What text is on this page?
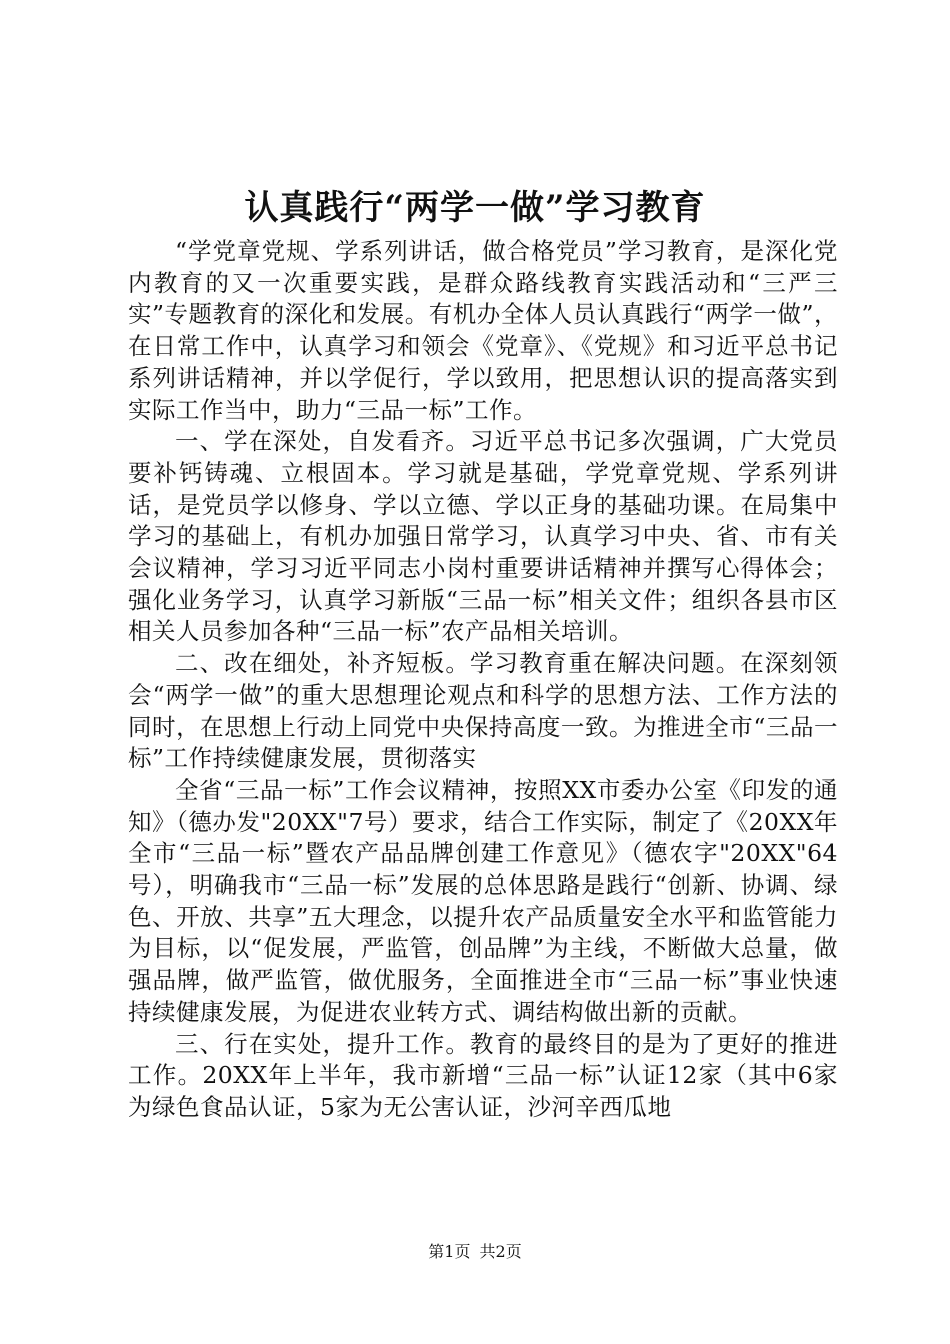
认真践行“两学一做”学习教育

“学党章党规、学系列讲话，做合格党员”学习教育，是深化党内教育的又一次重要实践，是群众路线教育实践活动和“三严三实”专题教育的深化和发展。有机办全体人员认真践行“两学一做”，在日常工作中，认真学习和领会《党章》、《党规》和习近平总书记系列讲话精神，并以学促行，学以致用，把思想认识的提高落实到实际工作当中，助力“三品一标”工作。

一、学在深处，自发看齐。习近平总书记多次强调，广大党员要补钙铸魂、立根固本。学习就是基础，学党章党规、学系列讲话，是党员学以修身、学以立德、学以正身的基础功课。在局集中学习的基础上，有机办加强日常学习，认真学习中央、省、市有关会议精神，学习习近平同志小岗村重要讲话精神并撰写心得体会；强化业务学习，认真学习新版“三品一标”相关文件；组织各县市区相关人员参加各种“三品一标”农产品相关培训。

二、改在细处，补齐短板。学习教育重在解决问题。在深刻领会“两学一做”的重大思想理论观点和科学的思想方法、工作方法的同时，在思想上行动上同党中央保持高度一致。为推进全市“三品一标”工作持续健康发展，贯彻落实

全省“三品一标”工作会议精神，按照XX市委办公室《印发的通知》（德办发"20XX"7号）要求，结合工作实际，制定了《20XX年全市“三品一标”暨农产品品牌创建工作意见》（德农字"20XX"64号），明确我市“三品一标”发展的总体思路是践行“创新、协调、绿色、开放、共享”五大理念，以提升农产品质量安全水平和监管能力为目标，以“促发展，严监管，创品牌”为主线，不断做大总量，做强品牌，做严监管，做优服务，全面推进全市“三品一标”事业快速持续健康发展，为促进农业转方式、调结构做出新的贡献。

三、行在实处，提升工作。教育的最终目的是为了更好的推进工作。20XX年上半年，我市新增“三品一标”认证12家（其中6家为绿色食品认证，5家为无公害认证，沙河辛西瓜地

第1页 共2页
